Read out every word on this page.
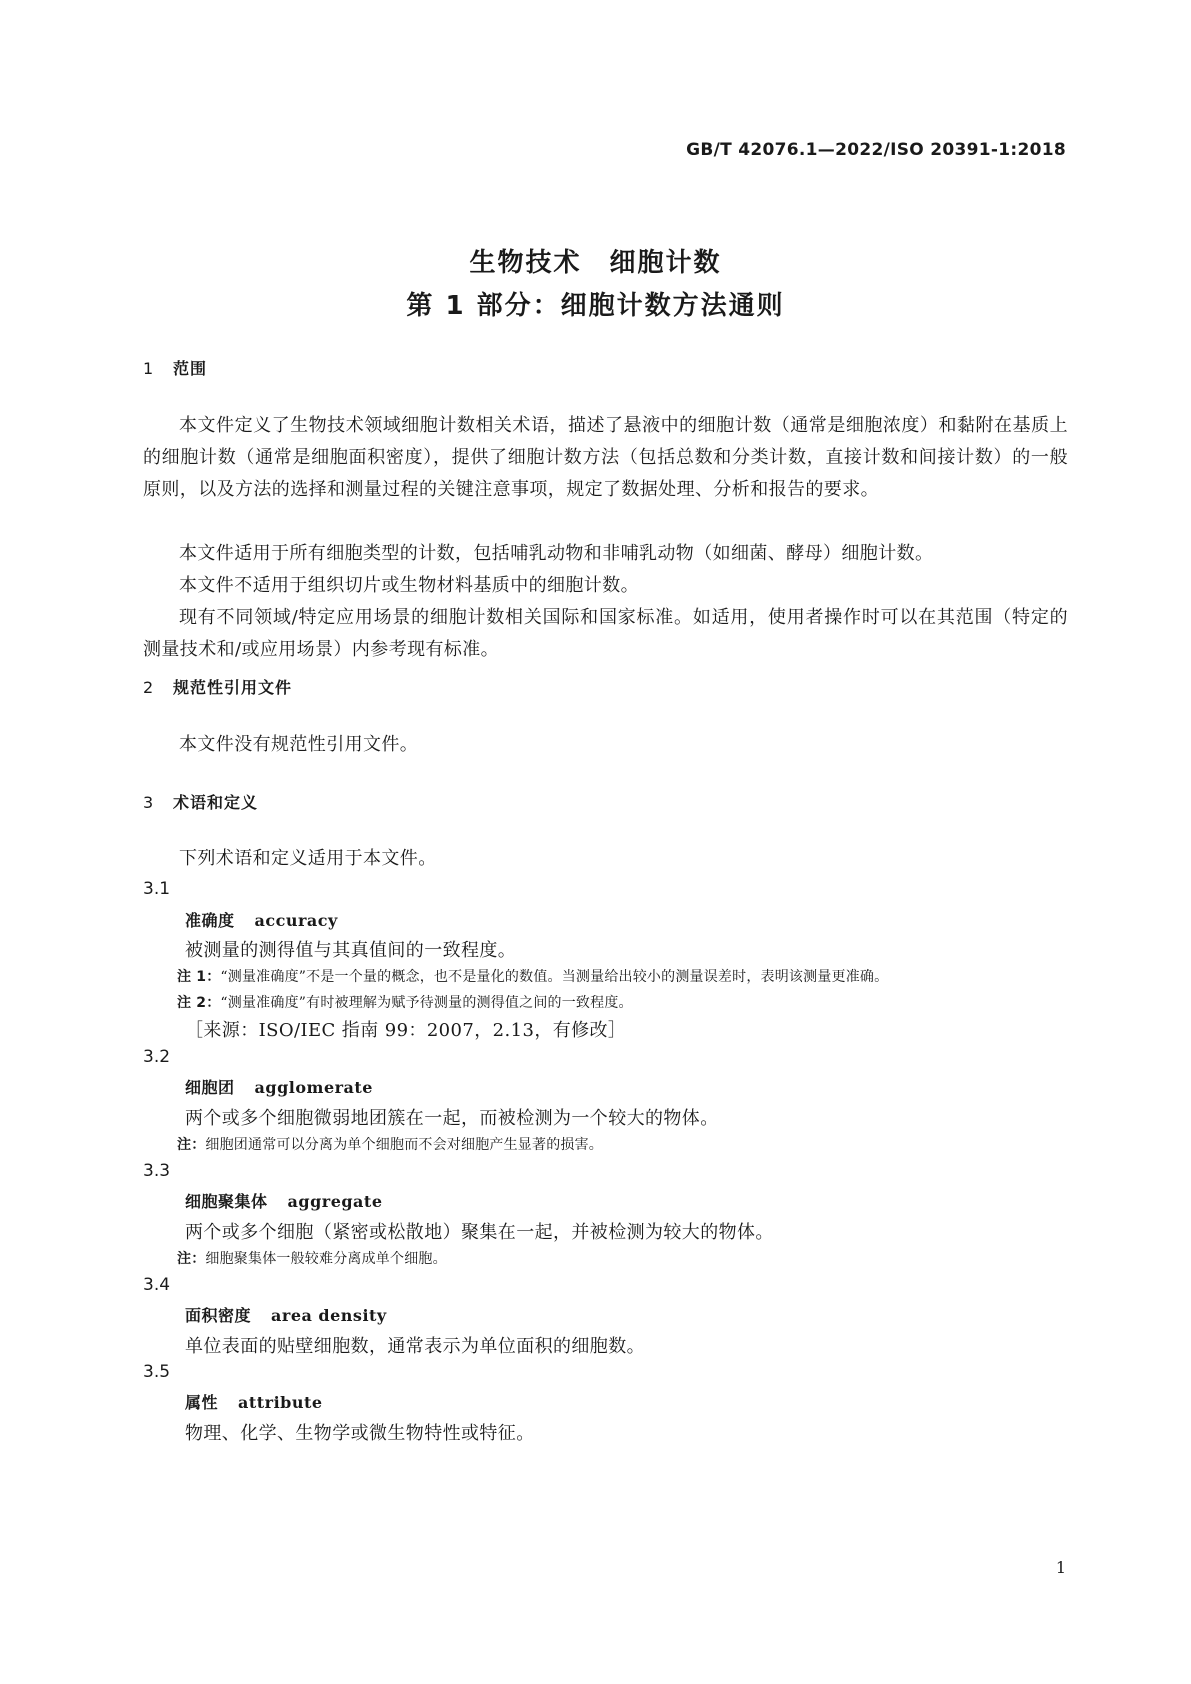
GB/T 42076.1—2022/ISO 20391-1:2018
生物技术　细胞计数
第 1 部分：细胞计数方法通则
1 范围
本文件定义了生物技术领域细胞计数相关术语，描述了悬液中的细胞计数（通常是细胞浓度）和黏附在基质上的细胞计数（通常是细胞面积密度），提供了细胞计数方法（包括总数和分类计数，直接计数和间接计数）的一般原则，以及方法的选择和测量过程的关键注意事项，规定了数据处理、分析和报告的要求。
本文件适用于所有细胞类型的计数，包括哺乳动物和非哺乳动物（如细菌、酵母）细胞计数。
本文件不适用于组织切片或生物材料基质中的细胞计数。
现有不同领域/特定应用场景的细胞计数相关国际和国家标准。如适用，使用者操作时可以在其范围（特定的测量技术和/或应用场景）内参考现有标准。
2 规范性引用文件
本文件没有规范性引用文件。
3 术语和定义
下列术语和定义适用于本文件。
3.1
准确度 accuracy
被测量的测得值与其真值间的一致程度。
注 1：“测量准确度”不是一个量的概念，也不是量化的数值。当测量给出较小的测量误差时，表明该测量更准确。
注 2：“测量准确度”有时被理解为赋予待测量的测得值之间的一致程度。
［来源：ISO/IEC 指南 99：2007，2.13，有修改］
3.2
细胞团 agglomerate
两个或多个细胞微弱地团簇在一起，而被检测为一个较大的物体。
注：细胞团通常可以分离为单个细胞而不会对细胞产生显著的损害。
3.3
细胞聚集体 aggregate
两个或多个细胞（紧密或松散地）聚集在一起，并被检测为较大的物体。
注：细胞聚集体一般较难分离成单个细胞。
3.4
面积密度 area density
单位表面的贴壁细胞数，通常表示为单位面积的细胞数。
3.5
属性 attribute
物理、化学、生物学或微生物特性或特征。
1
